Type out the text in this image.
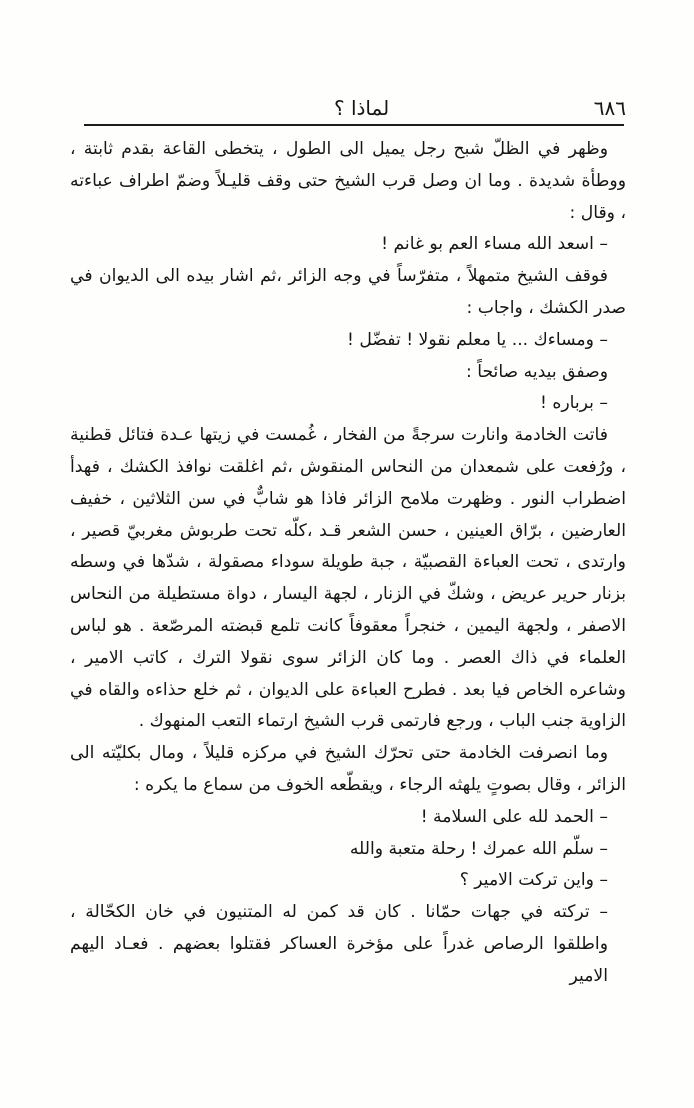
٦٨٦
لماذا ؟

وظهر في الظلّ شبح رجل يميل الى الطول ، يتخطى القاعة بقدم ثابتة ، ووطأة شديدة . وما ان وصل قرب الشيخ حتى وقف قليـلاً وضمّ اطراف عباءته ، وقال :

– اسعد الله مساء العم بو غانم !

فوقف الشيخ متمهلاً ، متفرّساً في وجه الزائر ،ثم اشار بيده الى الديوان في صدر الكشك ، واجاب :

– ومساءك ... يا معلم نقولا ! تفضّل !

وصفق بيديه صائحاً :

– برباره !

فاتت الخادمة وانارت سرجةً من الفخار ، غُمست في زيتها عـدة فتائل قطنية ، ورُفعت على شمعدان من النحاس المنقوش ،ثم اغلقت نوافذ الكشك ، فهدأ اضطراب النور . وظهرت ملامح الزائر فاذا هو شابٌّ في سن الثلاثين ، خفيف العارضين ، برّاق العينين ، حسن الشعر قـد ،كلّه تحت طربوش مغربيّ قصير ، وارتدى ، تحت العباءة القصبيّة ، جبة طويلة سوداء مصقولة ، شدّها في وسطه بزنار حرير عريض ، وشكّ في الزنار ، لجهة اليسار ، دواة مستطيلة من النحاس الاصفر ، ولجهة اليمين ، خنجراً معقوفاً كانت تلمع قبضته المرصّعة . هو لباس العلماء في ذاك العصر . وما كان الزائر سوى نقولا الترك ، كاتب الامير ، وشاعره الخاص فيا بعد . فطرح العباءة على الديوان ، ثم خلع حذاءه والقاه في الزاوية جنب الباب ، ورجع فارتمى قرب الشيخ ارتماء التعب المنهوك .

وما انصرفت الخادمة حتى تحرّك الشيخ في مركزه قليلاً ، ومال بكليّته الى الزائر ، وقال بصوتٍ يلهثه الرجاء ، ويقطّعه الخوف من سماع ما يكره :

– الحمد لله على السلامة !

– سلّم الله عمرك ! رحلة متعبة والله

– واين تركت الامير ؟

– تركته في جهات حمّانا . كان قد كمن له المتنيون في خان الكحّالة ، واطلقوا الرصاص غدراً على مؤخرة العساكر فقتلوا بعضهم . فعـاد اليهم الامير
